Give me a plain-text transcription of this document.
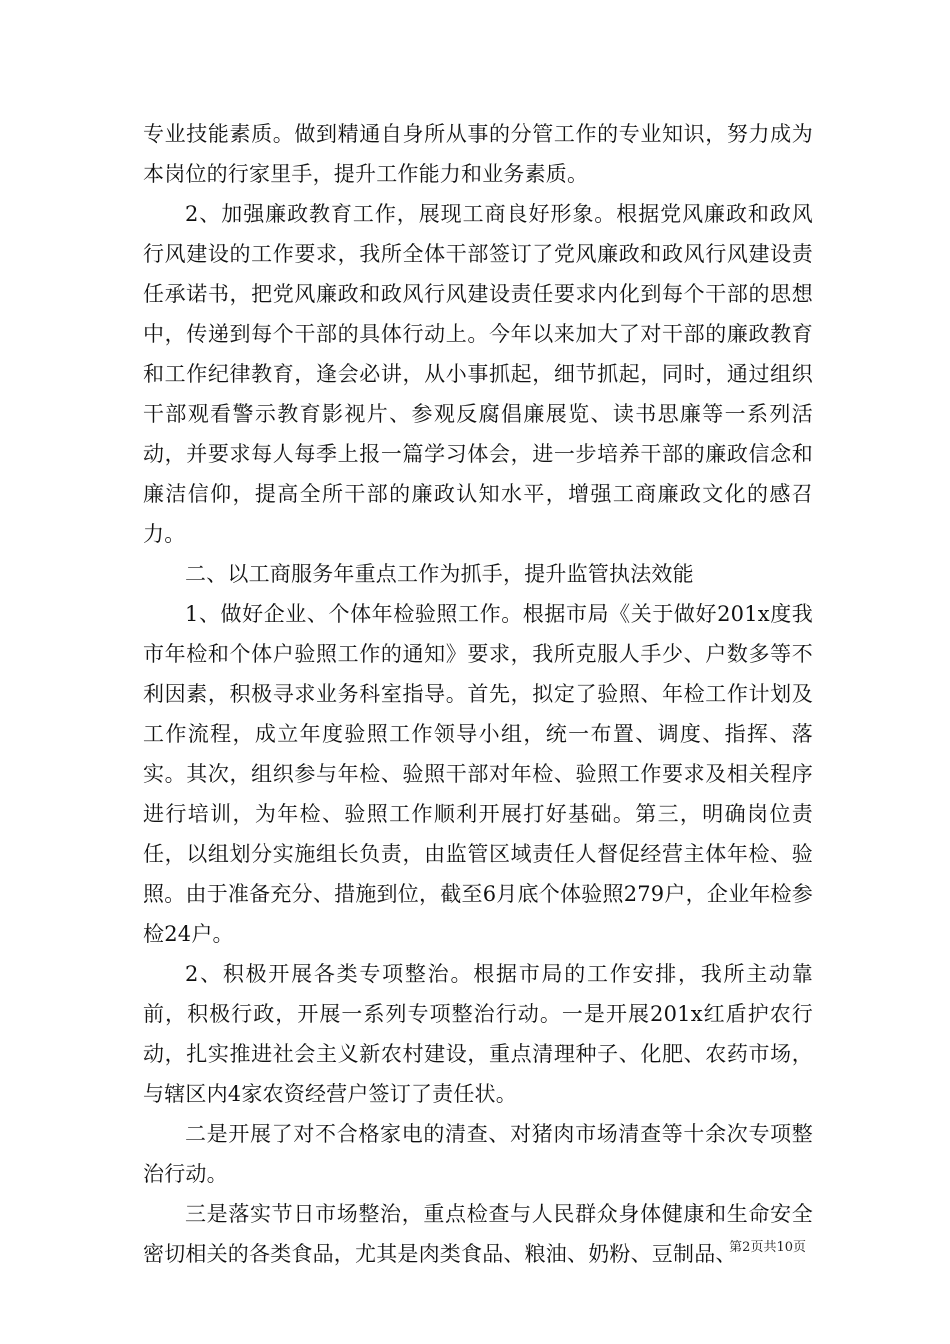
专业技能素质。做到精通自身所从事的分管工作的专业知识，努力成为本岗位的行家里手，提升工作能力和业务素质。

2、加强廉政教育工作，展现工商良好形象。根据党风廉政和政风行风建设的工作要求，我所全体干部签订了党风廉政和政风行风建设责任承诺书，把党风廉政和政风行风建设责任要求内化到每个干部的思想中，传递到每个干部的具体行动上。今年以来加大了对干部的廉政教育和工作纪律教育，逢会必讲，从小事抓起，细节抓起，同时，通过组织干部观看警示教育影视片、参观反腐倡廉展览、读书思廉等一系列活动，并要求每人每季上报一篇学习体会，进一步培养干部的廉政信念和廉洁信仰，提高全所干部的廉政认知水平，增强工商廉政文化的感召力。

二、以工商服务年重点工作为抓手，提升监管执法效能

1、做好企业、个体年检验照工作。根据市局《关于做好201x度我市年检和个体户验照工作的通知》要求，我所克服人手少、户数多等不利因素，积极寻求业务科室指导。首先，拟定了验照、年检工作计划及工作流程，成立年度验照工作领导小组，统一布置、调度、指挥、落实。其次，组织参与年检、验照干部对年检、验照工作要求及相关程序进行培训，为年检、验照工作顺利开展打好基础。第三，明确岗位责任，以组划分实施组长负责，由监管区域责任人督促经营主体年检、验照。由于准备充分、措施到位，截至6月底个体验照279户，企业年检参检24户。

2、积极开展各类专项整治。根据市局的工作安排，我所主动靠前，积极行政，开展一系列专项整治行动。一是开展201x红盾护农行动，扎实推进社会主义新农村建设，重点清理种子、化肥、农药市场，与辖区内4家农资经营户签订了责任状。

二是开展了对不合格家电的清查、对猪肉市场清查等十余次专项整治行动。

三是落实节日市场整治，重点检查与人民群众身体健康和生命安全密切相关的各类食品，尤其是肉类食品、粮油、奶粉、豆制品、

第2页共10页
